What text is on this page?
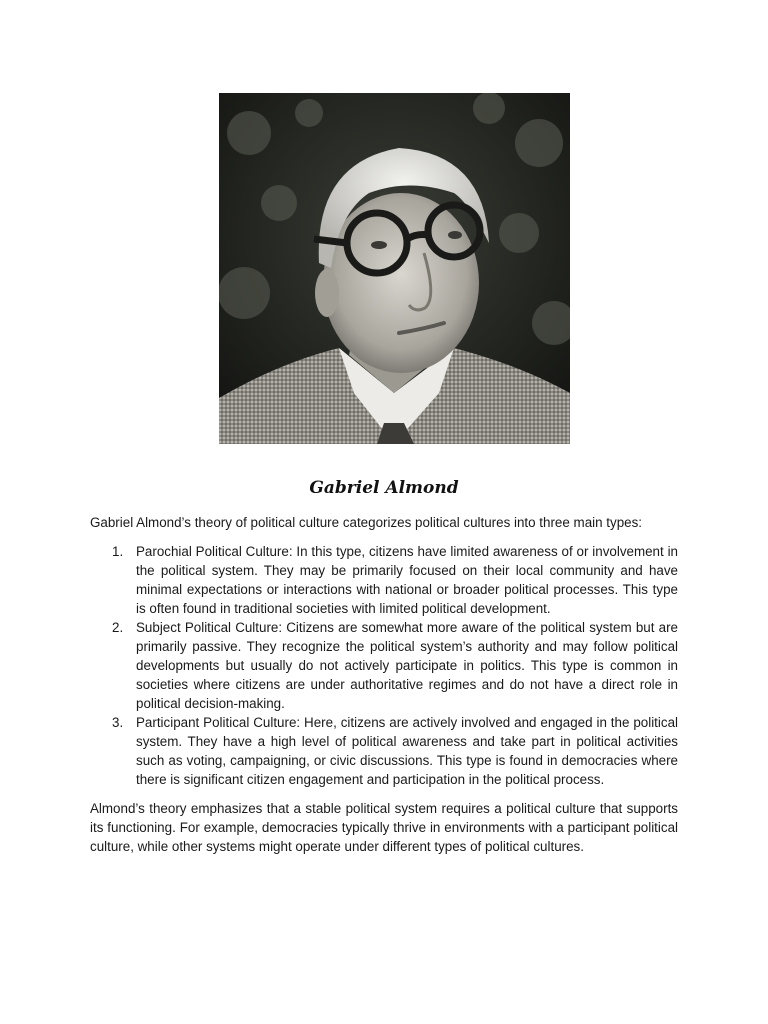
Gabriel Almond

Gabriel Almond’s theory of political culture categorizes political cultures into three main types:

1. Parochial Political Culture: In this type, citizens have limited awareness of or involvement in the political system. They may be primarily focused on their local community and have minimal expectations or interactions with national or broader political processes. This type is often found in traditional societies with limited political development.
2. Subject Political Culture: Citizens are somewhat more aware of the political system but are primarily passive. They recognize the political system’s authority and may follow political developments but usually do not actively participate in politics. This type is common in societies where citizens are under authoritative regimes and do not have a direct role in political decision-making.
3. Participant Political Culture: Here, citizens are actively involved and engaged in the political system. They have a high level of political awareness and take part in political activities such as voting, campaigning, or civic discussions. This type is found in democracies where there is significant citizen engagement and participation in the political process.

Almond’s theory emphasizes that a stable political system requires a political culture that supports its functioning. For example, democracies typically thrive in environments with a participant political culture, while other systems might operate under different types of political cultures.
